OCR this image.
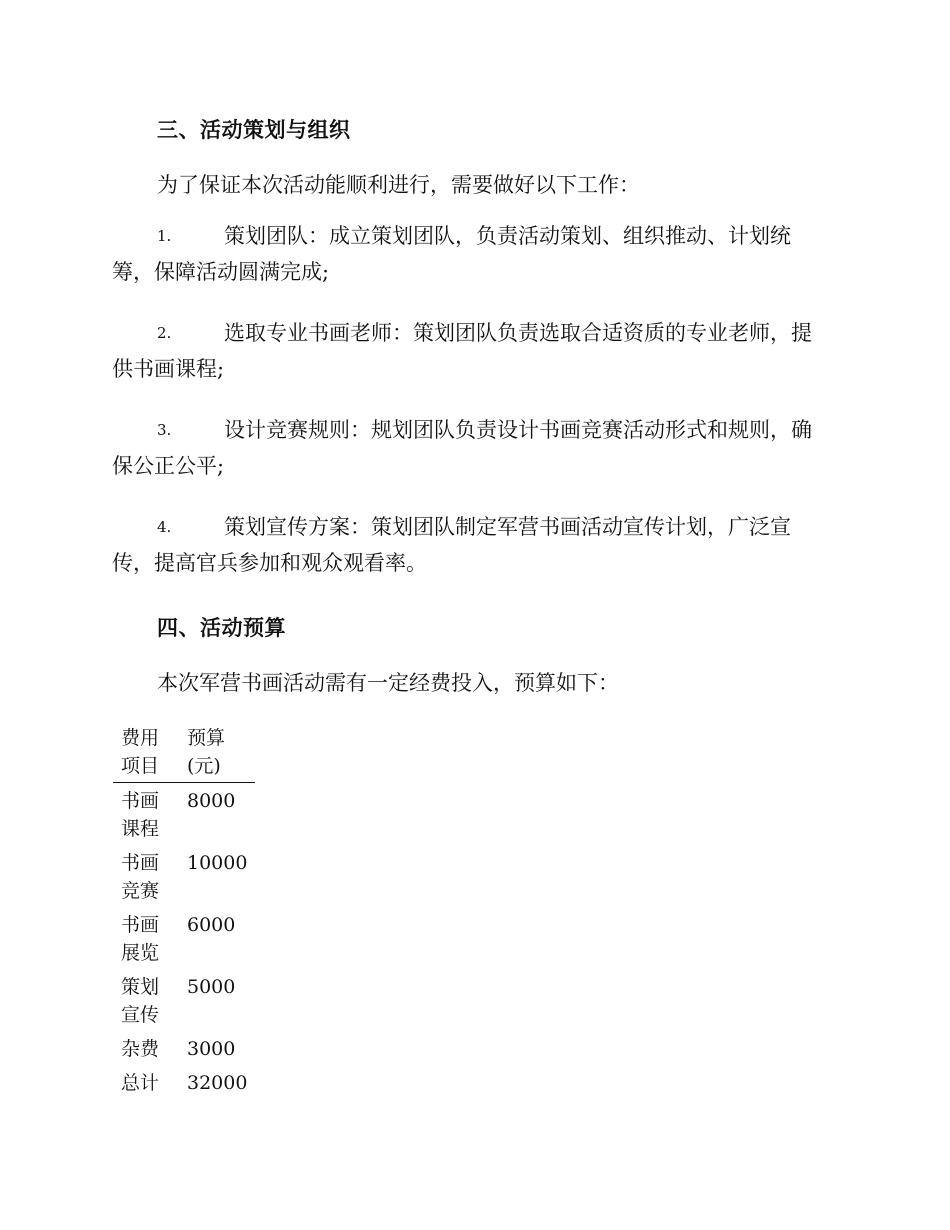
三、活动策划与组织
为了保证本次活动能顺利进行，需要做好以下工作：
1.	策划团队：成立策划团队，负责活动策划、组织推动、计划统
筹，保障活动圆满完成;
2.	选取专业书画老师：策划团队负责选取合适资质的专业老师，提
供书画课程;
3.	设计竞赛规则：规划团队负责设计书画竞赛活动形式和规则，确
保公正公平;
4.	策划宣传方案：策划团队制定军营书画活动宣传计划，广泛宣
传，提高官兵参加和观众观看率。
四、活动预算
本次军营书画活动需有一定经费投入，预算如下：
费用项目	预算(元)

书画课程	8000

书画竞赛	10000

书画展览	6000

策划宣传	5000

杂费	3000

总计	32000
